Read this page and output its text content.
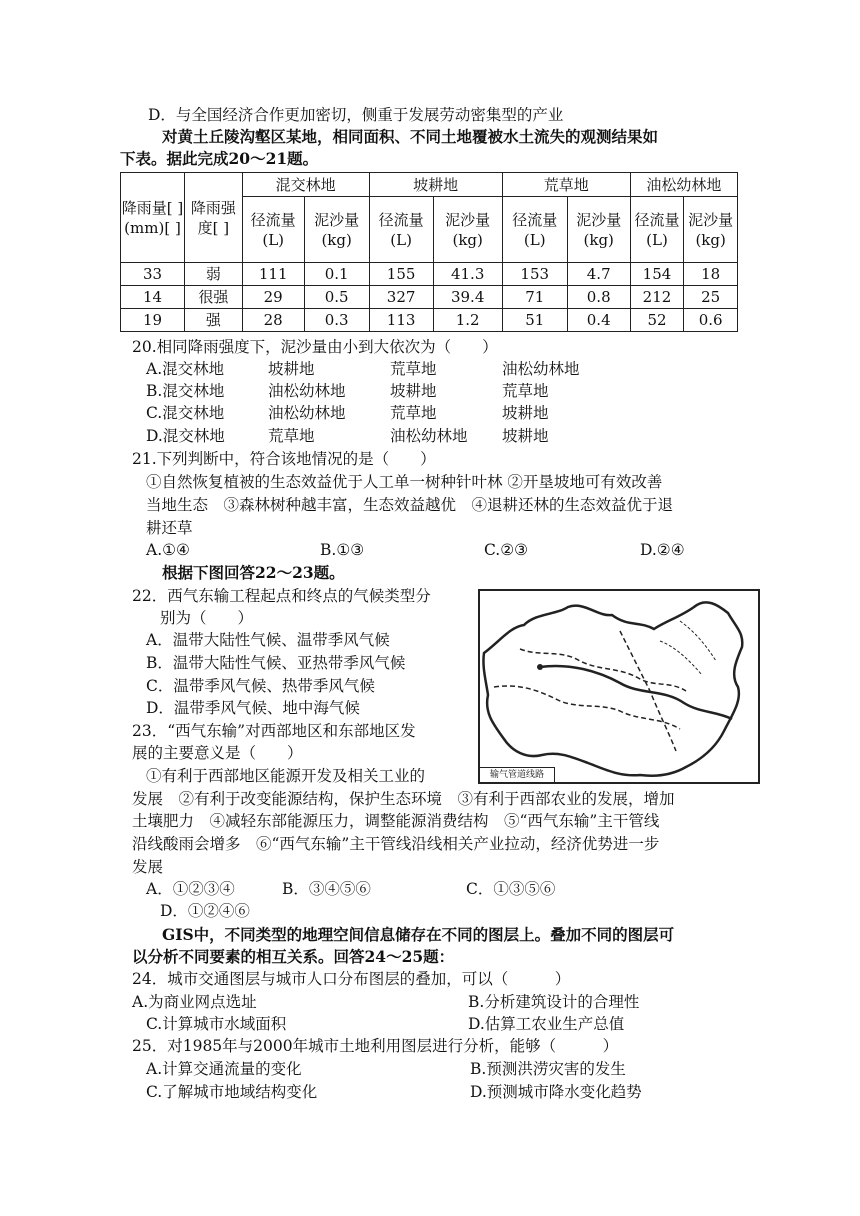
D．与全国经济合作更加密切，侧重于发展劳动密集型的产业
对黄土丘陵沟壑区某地，相同面积、不同土地覆被水土流失的观测结果如
下表。据此完成20～21题。
降雨量[ ](mm)[ ]	降雨强度[ ]	混交林地		坡耕地		荒草地		油松幼林地	
		径流量(L)	泥沙量(kg)	径流量(L)	泥沙量(kg)	径流量(L)	泥沙量(kg)	径流量(L)	泥沙量(kg)
33	弱	111	0.1	155	41.3	153	4.7	154	18
14	很强	29	0.5	327	39.4	71	0.8	212	25
19	强	28	0.3	113	1.2	51	0.4	52	0.6
20.相同降雨强度下，泥沙量由小到大依次为（　　）
A.混交林地	坡耕地	荒草地	油松幼林地
B.混交林地	油松幼林地	坡耕地	荒草地
C.混交林地	油松幼林地	荒草地	坡耕地
D.混交林地	荒草地	油松幼林地 坡耕地
21.下列判断中，符合该地情况的是（　　）
①自然恢复植被的生态效益优于人工单一树种针叶林 ②开垦坡地可有效改善
当地生态　③森林树种越丰富，生态效益越优　④退耕还林的生态效益优于退
耕还草
A.①④	B.①③	C.②③	D.②④
根据下图回答22～23题。
22．西气东输工程起点和终点的气候类型分
别为（　　）
A．温带大陆性气候、温带季风气候
B．温带大陆性气候、亚热带季风气候
C．温带季风气候、热带季风气候
D．温带季风气候、地中海气候
输气管道线路
23．“西气东输”对西部地区和东部地区发
展的主要意义是（　　）
①有利于西部地区能源开发及相关工业的
发展　②有利于改变能源结构，保护生态环境　③有利于西部农业的发展，增加
土壤肥力　④减轻东部能源压力，调整能源消费结构　⑤“西气东输”主干管线
沿线酸雨会增多　⑥“西气东输”主干管线沿线相关产业拉动，经济优势进一步
发展
A．①②③④	B．③④⑤⑥	C．①③⑤⑥
D．①②④⑥
GIS中，不同类型的地理空间信息储存在不同的图层上。叠加不同的图层可
以分析不同要素的相互关系。回答24～25题：
24．城市交通图层与城市人口分布图层的叠加，可以（　　　）
A.为商业网点选址	B.分析建筑设计的合理性
C.计算城市水域面积	D.估算工农业生产总值
25．对1985年与2000年城市土地利用图层进行分析，能够（　　　）
A.计算交通流量的变化	B.预测洪涝灾害的发生
C.了解城市地域结构变化	D.预测城市降水变化趋势
